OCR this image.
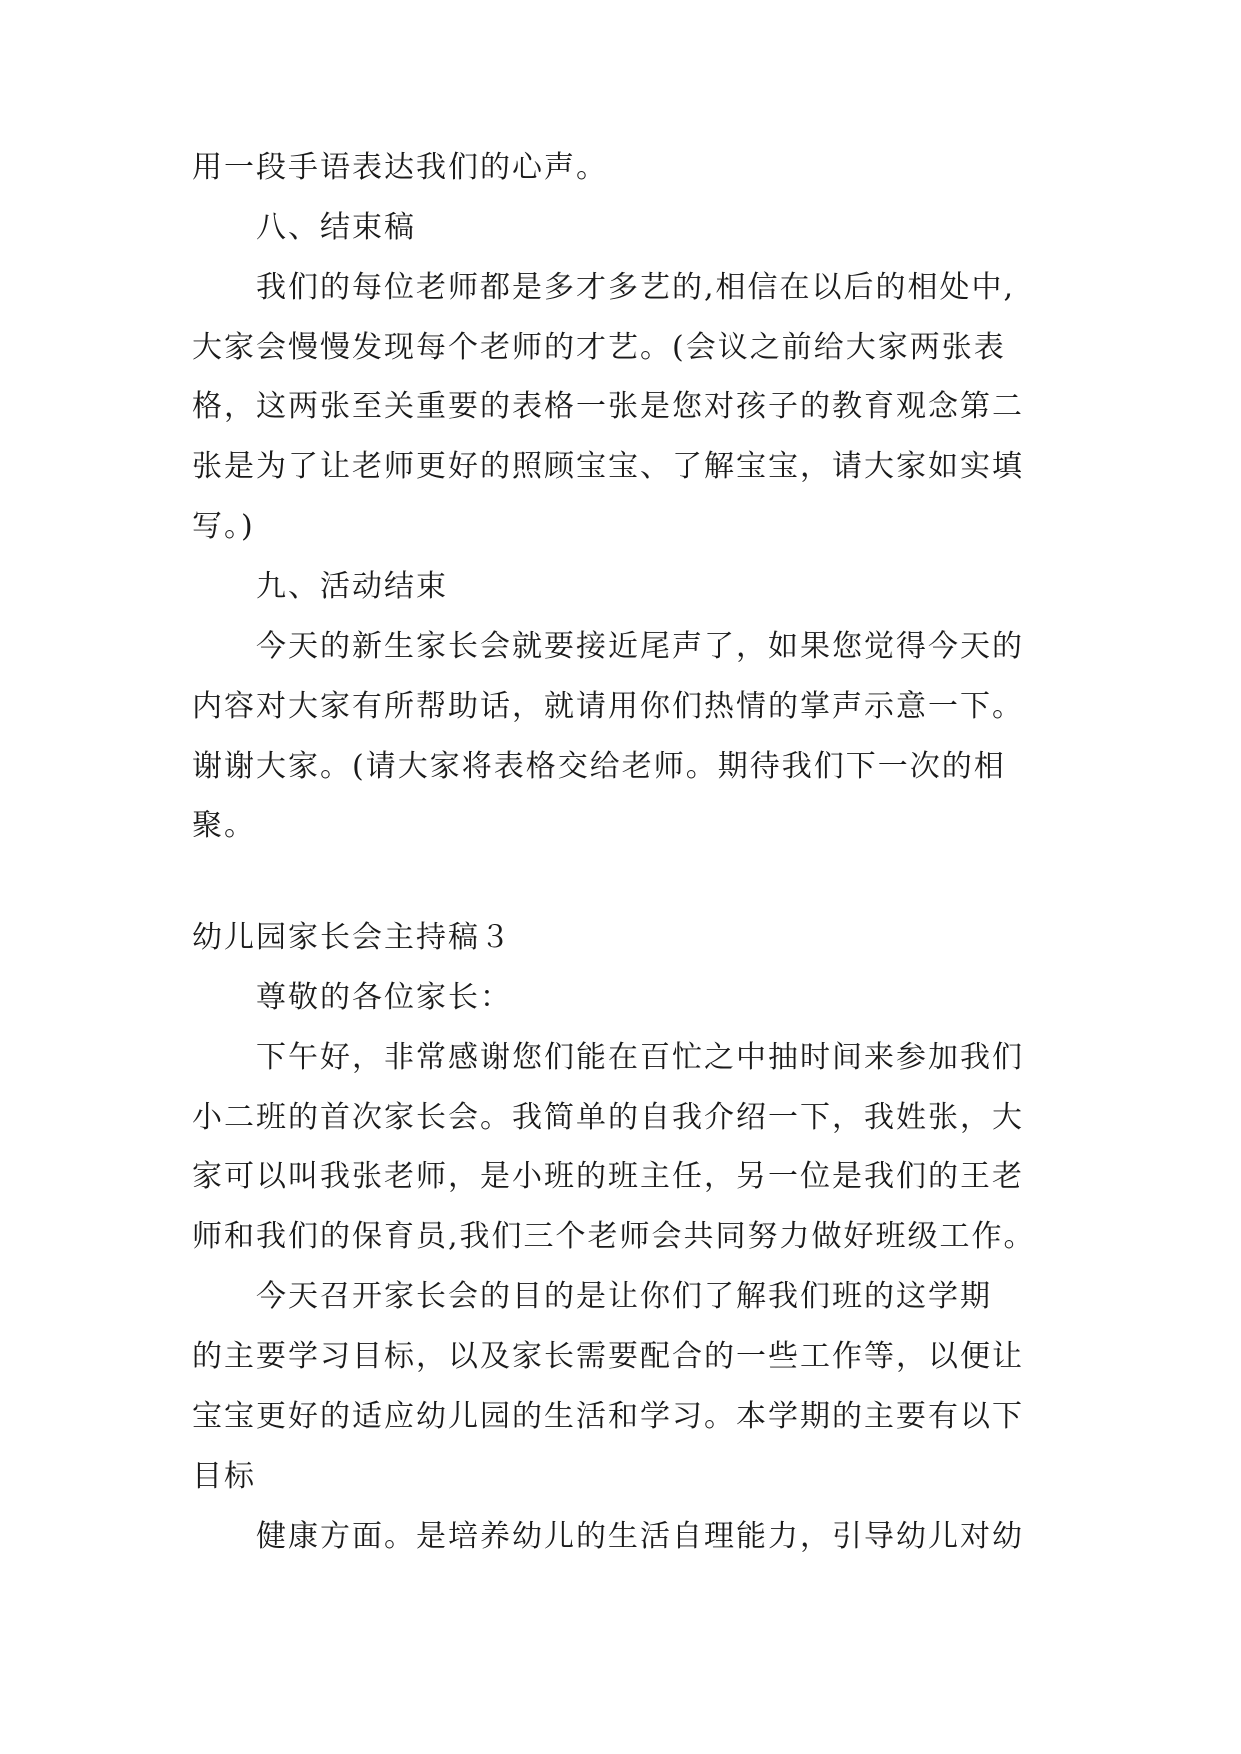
用一段手语表达我们的心声。
八、结束稿
我们的每位老师都是多才多艺的,相信在以后的相处中,
大家会慢慢发现每个老师的才艺。(会议之前给大家两张表
格，这两张至关重要的表格一张是您对孩子的教育观念第二
张是为了让老师更好的照顾宝宝、了解宝宝，请大家如实填
写。)
九、活动结束
今天的新生家长会就要接近尾声了，如果您觉得今天的
内容对大家有所帮助话，就请用你们热情的掌声示意一下。
谢谢大家。(请大家将表格交给老师。期待我们下一次的相
聚。
幼儿园家长会主持稿３
尊敬的各位家长：
下午好，非常感谢您们能在百忙之中抽时间来参加我们
小二班的首次家长会。我简单的自我介绍一下，我姓张，大
家可以叫我张老师，是小班的班主任，另一位是我们的王老
师和我们的保育员,我们三个老师会共同努力做好班级工作。
今天召开家长会的目的是让你们了解我们班的这学期
的主要学习目标，以及家长需要配合的一些工作等，以便让
宝宝更好的适应幼儿园的生活和学习。本学期的主要有以下
目标
健康方面。是培养幼儿的生活自理能力，引导幼儿对幼
